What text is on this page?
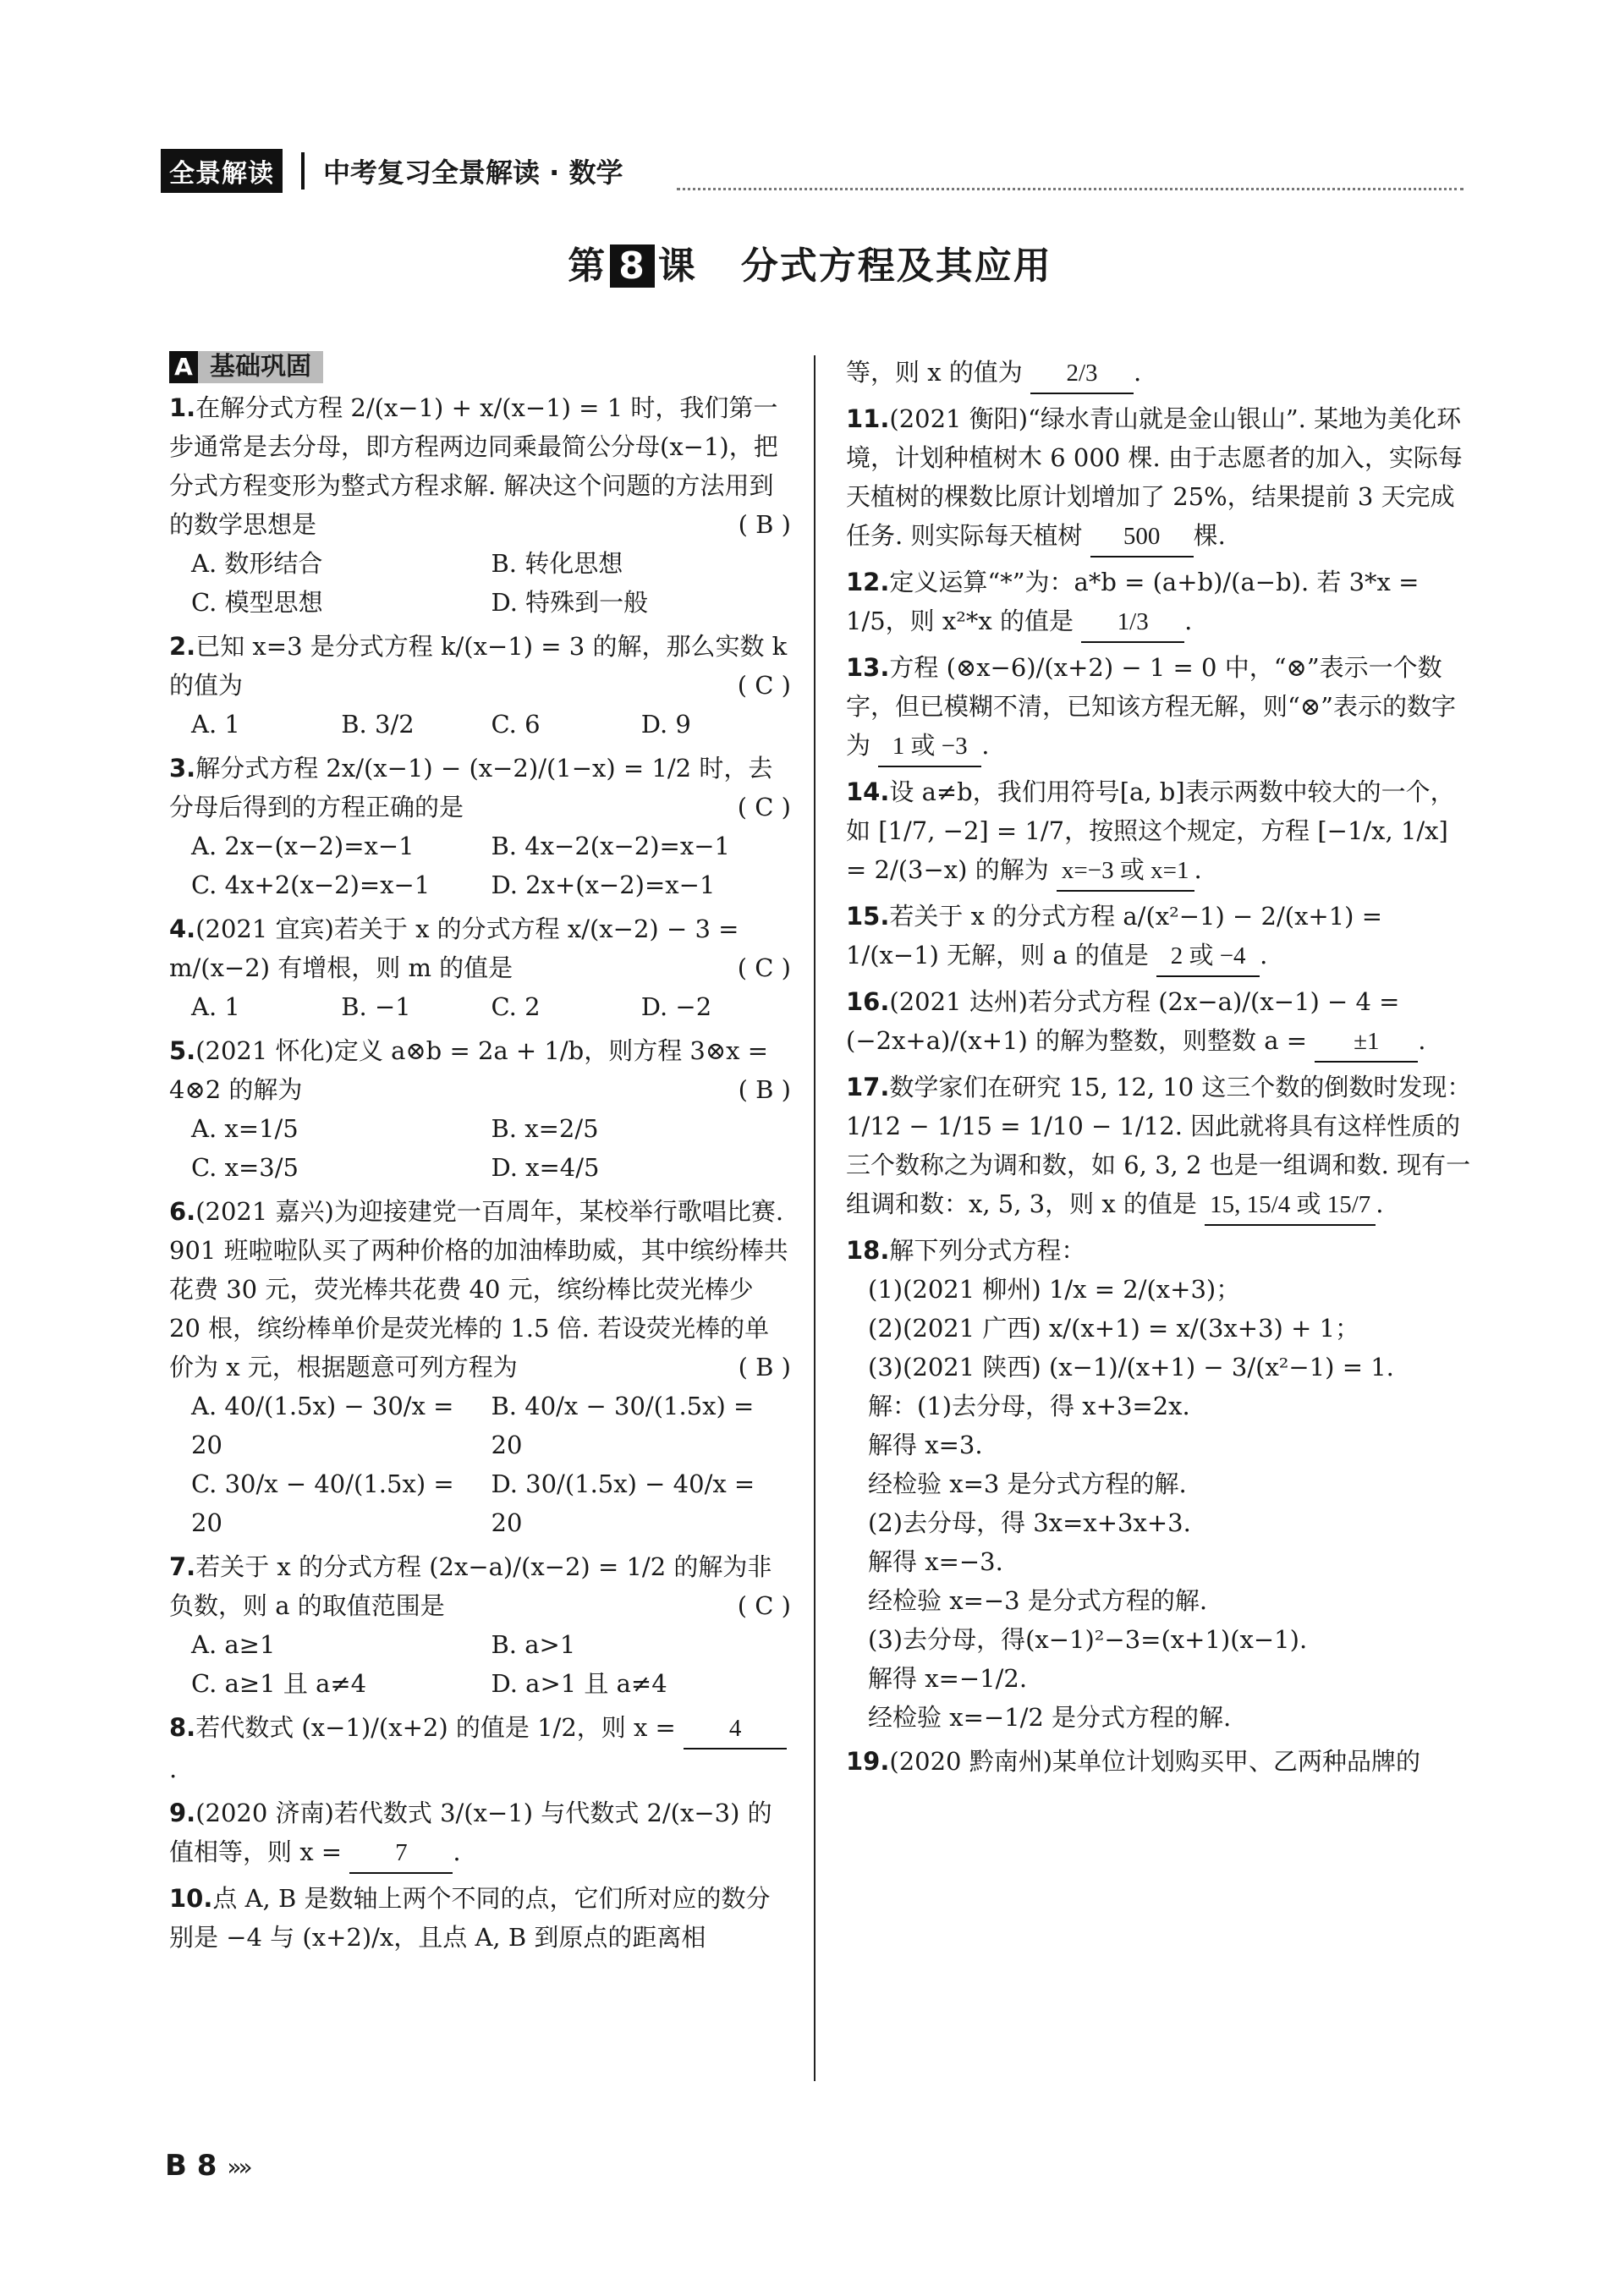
全景解读	中考复习全景解读 · 数学
第 8 课 分式方程及其应用
A 基础巩固
1.在解分式方程 2/(x−1) + x/(x−1) = 1 时，我们第一步通常是去分母，即方程两边同乘最简公分母(x−1)，把分式方程变形为整式方程求解. 解决这个问题的方法用到的数学思想是	( B )
A. 数形结合	B. 转化思想
C. 模型思想	D. 特殊到一般
2.已知 x=3 是分式方程 k/(x−1) = 3 的解，那么实数 k 的值为	( C )
A. 1	B. 3/2	C. 6	D. 9
3.解分式方程 2x/(x−1) − (x−2)/(1−x) = 1/2 时，去分母后得到的方程正确的是	( C )
A. 2x−(x−2)=x−1	B. 4x−2(x−2)=x−1
C. 4x+2(x−2)=x−1	D. 2x+(x−2)=x−1
4.(2021 宜宾)若关于 x 的分式方程 x/(x−2) − 3 = m/(x−2) 有增根，则 m 的值是	( C )
A. 1	B. −1	C. 2	D. −2
5.(2021 怀化)定义 a⊗b = 2a + 1/b，则方程 3⊗x = 4⊗2 的解为	( B )
A. x=1/5	B. x=2/5
C. x=3/5	D. x=4/5
6.(2021 嘉兴)为迎接建党一百周年，某校举行歌唱比赛. 901 班啦啦队买了两种价格的加油棒助威，其中缤纷棒共花费 30 元，荧光棒共花费 40 元，缤纷棒比荧光棒少 20 根，缤纷棒单价是荧光棒的 1.5 倍. 若设荧光棒的单价为 x 元，根据题意可列方程为	( B )
A. 40/(1.5x) − 30/x = 20
B. 40/x − 30/(1.5x) = 20
C. 30/x − 40/(1.5x) = 20
D. 30/(1.5x) − 40/x = 20
7.若关于 x 的分式方程 (2x−a)/(x−2) = 1/2 的解为非负数，则 a 的取值范围是	( C )
A. a≥1	B. a>1
C. a≥1 且 a≠4	D. a>1 且 a≠4
8.若代数式 (x−1)/(x+2) 的值是 1/2，则 x = 4.
9.(2020 济南)若代数式 3/(x−1) 与代数式 2/(x−3) 的值相等，则 x = 7 .
10.点 A, B 是数轴上两个不同的点，它们所对应的数分别是 −4 与 (x+2)/x，且点 A, B 到原点的距离相
等，则 x 的值为 2/3 .
11.(2021 衡阳)“绿水青山就是金山银山”. 某地为美化环境，计划种植树木 6 000 棵. 由于志愿者的加入，实际每天植树的棵数比原计划增加了 25%，结果提前 3 天完成任务. 则实际每天植树 500 棵.
12.定义运算“*”为：a*b = (a+b)/(a−b). 若 3*x = 1/5，则 x²*x 的值是 1/3 .
13.方程 (⊗x−6)/(x+2) − 1 = 0 中，“⊗”表示一个数字，但已模糊不清，已知该方程无解，则“⊗”表示的数字为 1 或 −3 .
14.设 a≠b，我们用符号[a, b]表示两数中较大的一个，如 [1/7, −2] = 1/7，按照这个规定，方程 [−1/x, 1/x] = 2/(3−x) 的解为 x=−3 或 x=1 .
15.若关于 x 的分式方程 a/(x²−1) − 2/(x+1) = 1/(x−1) 无解，则 a 的值是 2 或 −4 .
16.(2021 达州)若分式方程 (2x−a)/(x−1) − 4 = (−2x+a)/(x+1) 的解为整数，则整数 a = ±1 .
17.数学家们在研究 15, 12, 10 这三个数的倒数时发现：1/12 − 1/15 = 1/10 − 1/12. 因此就将具有这样性质的三个数称之为调和数，如 6, 3, 2 也是一组调和数. 现有一组调和数：x, 5, 3，则 x 的值是 15, 15/4 或 15/7 .
18.解下列分式方程：
(1)(2021 柳州) 1/x = 2/(x+3)；
(2)(2021 广西) x/(x+1) = x/(3x+3) + 1；
(3)(2021 陕西) (x−1)/(x+1) − 3/(x²−1) = 1.
解：(1)去分母，得 x+3=2x.
解得 x=3.
经检验 x=3 是分式方程的解.
(2)去分母，得 3x=x+3x+3.
解得 x=−3.
经检验 x=−3 是分式方程的解.
(3)去分母，得(x−1)²−3=(x+1)(x−1).
解得 x=−1/2.
经检验 x=−1/2 是分式方程的解.
19.(2020 黔南州)某单位计划购买甲、乙两种品牌的
B 8 »»
